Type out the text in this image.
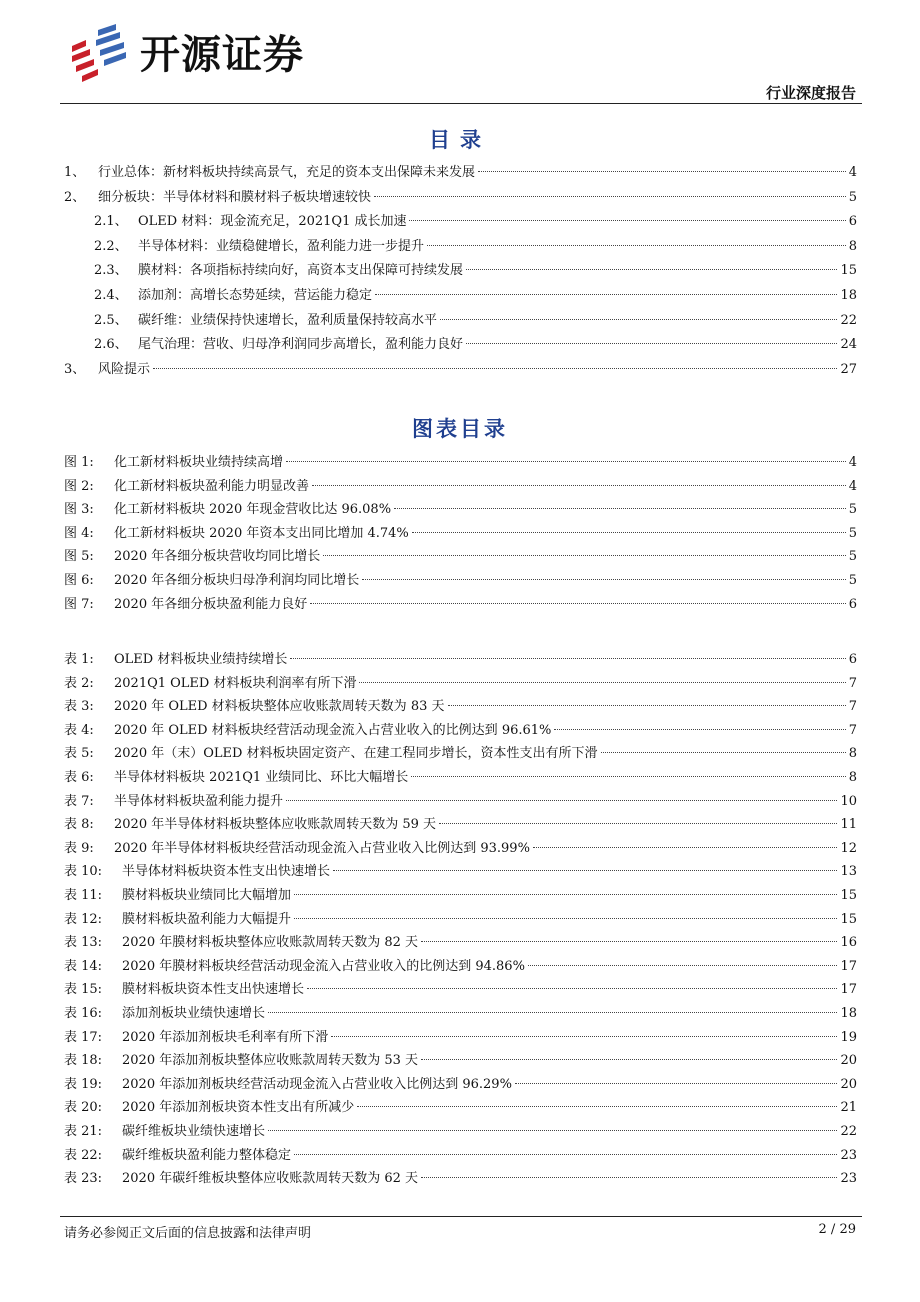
开源证券
行业深度报告
目录
1、 行业总体：新材料板块持续高景气，充足的资本支出保障未来发展	4
2、 细分板块：半导体材料和膜材料子板块增速较快	5
2.1、 OLED 材料：现金流充足，2021Q1 成长加速	6
2.2、 半导体材料：业绩稳健增长，盈利能力进一步提升	8
2.3、 膜材料：各项指标持续向好，高资本支出保障可持续发展	15
2.4、 添加剂：高增长态势延续，营运能力稳定	18
2.5、 碳纤维：业绩保持快速增长，盈利质量保持较高水平	22
2.6、 尾气治理：营收、归母净利润同步高增长，盈利能力良好	24
3、 风险提示	27
图表目录
图 1:	化工新材料板块业绩持续高增	4
图 2:	化工新材料板块盈利能力明显改善	4
图 3:	化工新材料板块 2020 年现金营收比达 96.08%	5
图 4:	化工新材料板块 2020 年资本支出同比增加 4.74%	5
图 5:	2020 年各细分板块营收均同比增长	5
图 6:	2020 年各细分板块归母净利润均同比增长	5
图 7:	2020 年各细分板块盈利能力良好	6
表 1:	OLED 材料板块业绩持续增长	6
表 2:	2021Q1 OLED 材料板块利润率有所下滑	7
表 3:	2020 年 OLED 材料板块整体应收账款周转天数为 83 天	7
表 4:	2020 年 OLED 材料板块经营活动现金流入占营业收入的比例达到 96.61%	7
表 5:	2020 年（末）OLED 材料板块固定资产、在建工程同步增长，资本性支出有所下滑	8
表 6:	半导体材料板块 2021Q1 业绩同比、环比大幅增长	8
表 7:	半导体材料板块盈利能力提升	10
表 8:	2020 年半导体材料板块整体应收账款周转天数为 59 天	11
表 9:	2020 年半导体材料板块经营活动现金流入占营业收入比例达到 93.99%	12
表 10:	半导体材料板块资本性支出快速增长	13
表 11:	膜材料板块业绩同比大幅增加	15
表 12:	膜材料板块盈利能力大幅提升	15
表 13:	2020 年膜材料板块整体应收账款周转天数为 82 天	16
表 14:	2020 年膜材料板块经营活动现金流入占营业收入的比例达到 94.86%	17
表 15:	膜材料板块资本性支出快速增长	17
表 16:	添加剂板块业绩快速增长	18
表 17:	2020 年添加剂板块毛利率有所下滑	19
表 18:	2020 年添加剂板块整体应收账款周转天数为 53 天	20
表 19:	2020 年添加剂板块经营活动现金流入占营业收入比例达到 96.29%	20
表 20:	2020 年添加剂板块资本性支出有所减少	21
表 21:	碳纤维板块业绩快速增长	22
表 22:	碳纤维板块盈利能力整体稳定	23
表 23:	2020 年碳纤维板块整体应收账款周转天数为 62 天	23
请务必参阅正文后面的信息披露和法律声明	2 / 29
